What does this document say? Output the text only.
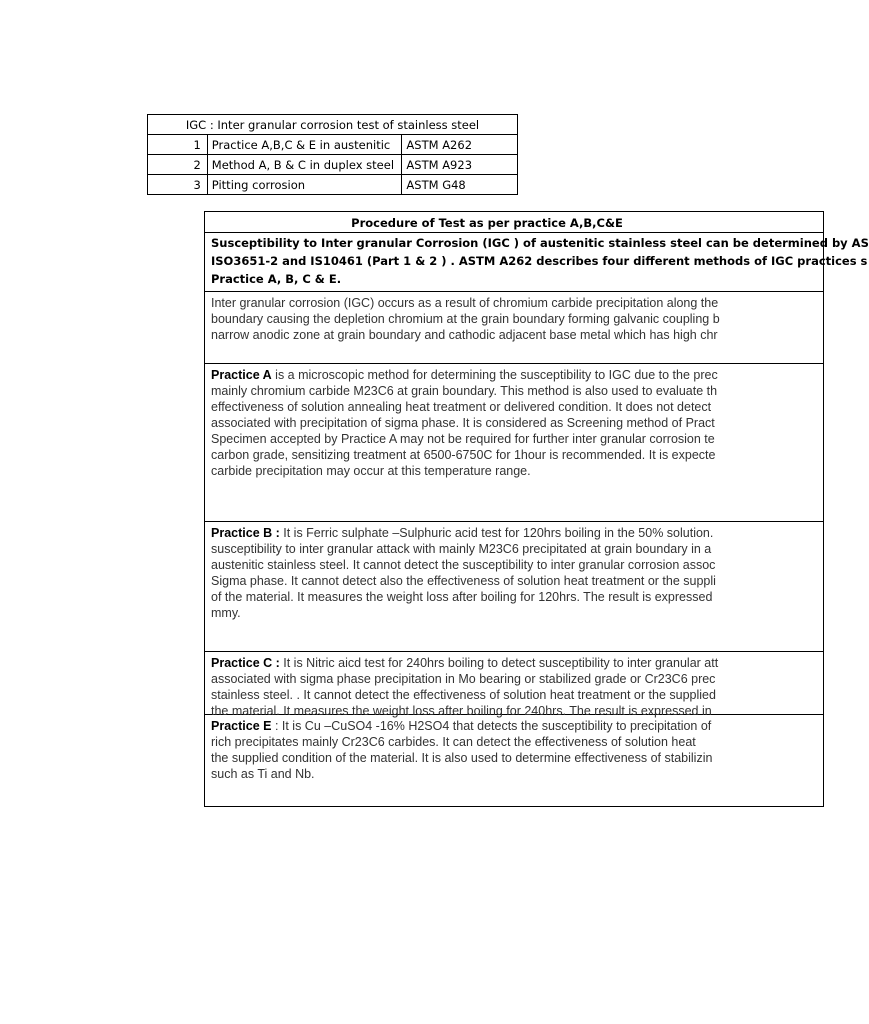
IGC : Inter granular corrosion test of stainless steel		
1	Practice A,B,C & E in austenitic	ASTM A262
2	Method A, B & C in duplex steel	ASTM A923
3	Pitting corrosion	ASTM G48
Procedure of Test as per practice A,B,C&E
Susceptibility to Inter granular Corrosion (IGC ) of austenitic stainless steel can be determined by AS
ISO3651-2 and IS10461 (Part 1 & 2 ) . ASTM A262 describes four different methods of IGC practices s
Practice A, B, C & E.
Inter granular corrosion (IGC) occurs as a result of chromium carbide precipitation along the
boundary causing the depletion chromium at the grain boundary forming galvanic coupling b
narrow anodic zone at grain boundary and cathodic adjacent base metal which has high chr
Practice A is a microscopic method for determining the susceptibility to IGC due to the prec
mainly chromium carbide M23C6 at grain boundary. This method is also used to evaluate th
effectiveness of solution annealing heat treatment or delivered condition. It does not detect
associated with precipitation of sigma phase. It is considered as Screening method of Pract
Specimen accepted by Practice A may not be required for further inter granular corrosion te
carbon grade, sensitizing treatment at 6500-6750C for 1hour is recommended. It is expecte
carbide precipitation may occur at this temperature range.
Practice B : It is Ferric sulphate –Sulphuric acid test for 120hrs boiling in the 50% solution.
susceptibility to inter granular attack with mainly M23C6 precipitated at grain boundary in a
austenitic stainless steel. It cannot detect the susceptibility to inter granular corrosion assoc
Sigma phase. It cannot detect also the effectiveness of solution heat treatment or the suppli
of the material. It measures the weight loss after boiling for 120hrs. The result is expressed
mmy.
Practice C : It is Nitric aicd test for 240hrs boiling to detect susceptibility to inter granular att
associated with sigma phase precipitation in Mo bearing or stabilized grade or Cr23C6 prec
stainless steel. . It cannot detect the effectiveness of solution heat treatment or the supplied
the material. It measures the weight loss after boiling for 240hrs. The result is expressed in
Practice E : It is Cu –CuSO4 -16% H2SO4 that detects the susceptibility to precipitation of
rich precipitates mainly Cr23C6 carbides. It can detect the effectiveness of solution heat
the supplied condition of the material. It is also used to determine effectiveness of stabilizin
such as Ti and Nb.
